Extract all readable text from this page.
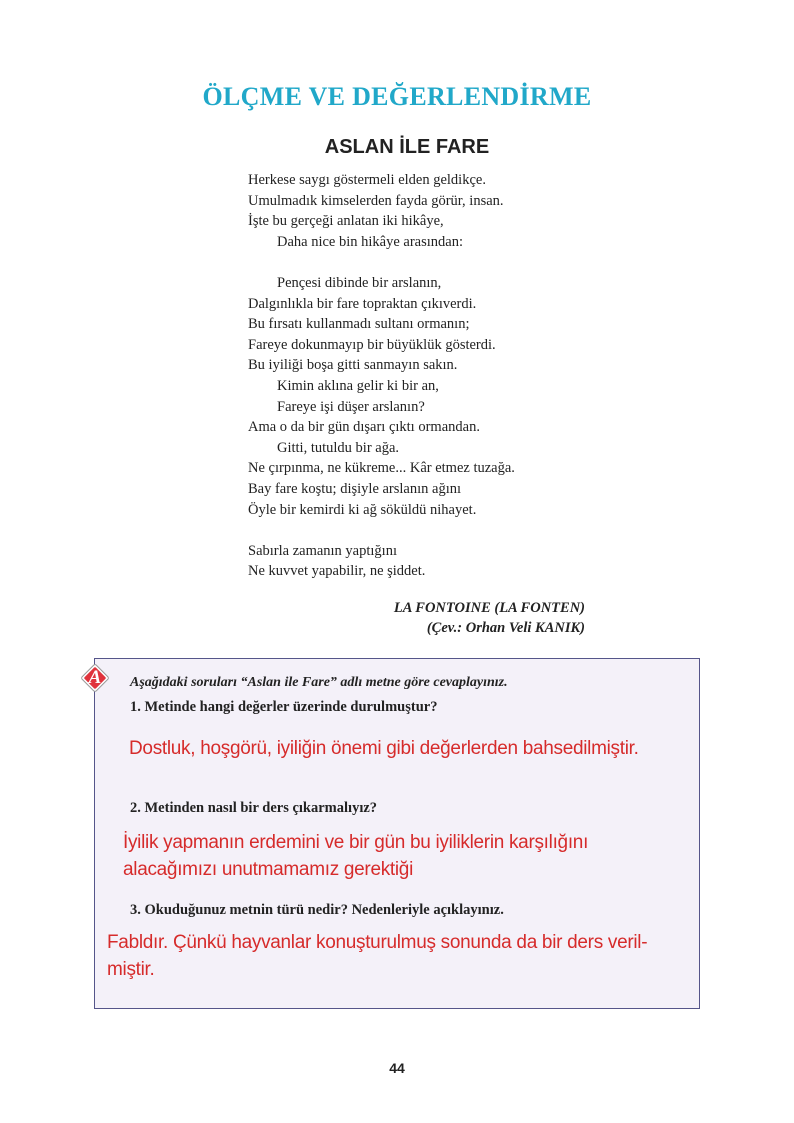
ÖLÇME VE DEĞERLENDİRME
ASLAN İLE FARE
Herkese saygı göstermeli elden geldikçe.
Umulmadık kimselerden fayda görür, insan.
İşte bu gerçeği anlatan iki hikâye,
Daha nice bin hikâye arasından:
Pençesi dibinde bir arslanın,
Dalgınlıkla bir fare topraktan çıkıverdi.
Bu fırsatı kullanmadı sultanı ormanın;
Fareye dokunmayıp bir büyüklük gösterdi.
Bu iyiliği boşa gitti sanmayın sakın.
Kimin aklına gelir ki bir an,
Fareye işi düşer arslanın?
Ama o da bir gün dışarı çıktı ormandan.
Gitti, tutuldu bir ağa.
Ne çırpınma, ne kükreme... Kâr etmez tuzağa.
Bay fare koştu; dişiyle arslanın ağını
Öyle bir kemirdi ki ağ söküldü nihayet.
Sabırla zamanın yaptığını
Ne kuvvet yapabilir, ne şiddet.
LA FONTOINE (LA FONTEN)
(Çev.: Orhan Veli KANIK)
A	Aşağıdaki soruları “Aslan ile Fare” adlı metne göre cevaplayınız.
1. Metinde hangi değerler üzerinde durulmuştur?
Dostluk, hoşgörü, iyiliğin önemi gibi değerlerden bahsedilmiştir.
2. Metinden nasıl bir ders çıkarmalıyız?
İyilik yapmanın erdemini ve bir gün bu iyiliklerin karşılığını
alacağımızı unutmamamız gerektiği
3. Okuduğunuz metnin türü nedir? Nedenleriyle açıklayınız.
Fabldır. Çünkü hayvanlar konuşturulmuş sonunda da bir ders veril-
miştir.
44
